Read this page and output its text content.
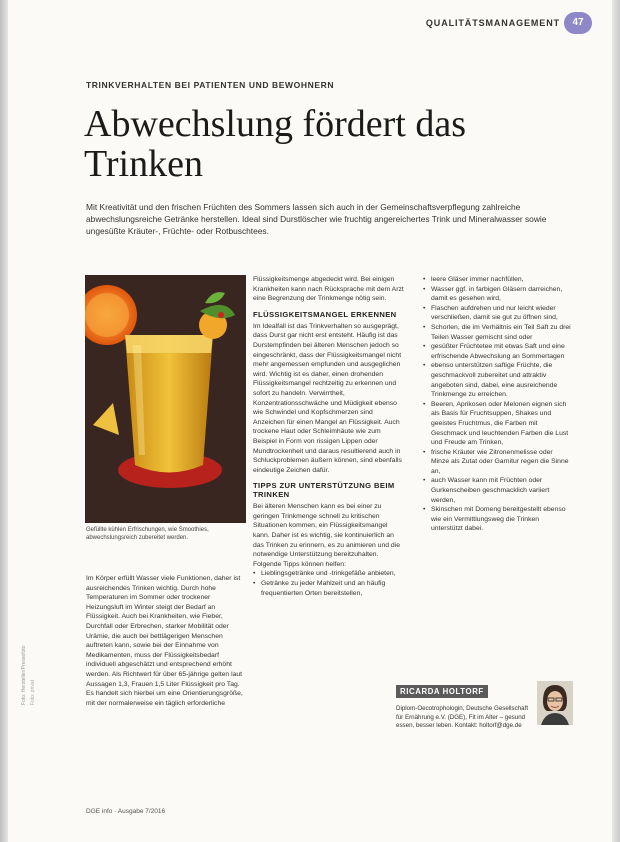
QUALITÄTSMANAGEMENT	47
TRINKVERHALTEN BEI PATIENTEN UND BEWOHNERN
Abwechslung fördert das Trinken
Mit Kreativität und den frischen Früchten des Sommers lassen sich auch in der Gemeinschaftsverpflegung zahlreiche abwechslungsreiche Getränke herstellen. Ideal sind Durstlöscher wie fruchtig angereichertes Trink und Mineralwasser sowie ungesüßte Kräuter-, Früchte- oder Rotbuschtees.
Gefüllte kühlen Erfrischungen, wie Smoothies, abwechslungsreich zubereitet werden.

Im Körper erfüllt Wasser viele Funktionen, daher ist ausreichendes Trinken wichtig. Durch hohe Temperaturen im Sommer oder trockener Heizungsluft im Winter steigt der Bedarf an Flüssigkeit. Auch bei Krankheiten, wie Fieber, Durchfall oder Erbrechen, starker Mobilität oder Urämie, die auch bei bettlägerigen Menschen auftreten kann, sowie bei der Einnahme von Medikamenten, muss der Flüssigkeitsbedarf individuell abgeschätzt und entsprechend erhöht werden. Als Richtwert für über 65-jährige gelten laut Aussagen 1,3, Frauen 1,5 Liter Flüssigkeit pro Tag. Es handelt sich hierbei um eine Orientierungsgröße, mit der normalerweise ein täglich erforderliche

Flüssigkeitsmenge abgedeckt wird. Bei einigen Krankheiten kann nach Rücksprache mit dem Arzt eine Begrenzung der Trinkmenge nötig sein.

FLÜSSIGKEITSMANGEL ERKENNEN

Im Idealfall ist das Trinkverhalten so ausgeprägt, dass Durst gar nicht erst entsteht. Häufig ist das Durstempfinden bei älteren Menschen jedoch so eingeschränkt, dass der Flüssigkeitsmangel nicht mehr angemessen empfunden und ausgeglichen wird. Wichtig ist es daher, einen drohenden Flüssigkeitsmangel rechtzeitig zu erkennen und sofort zu handeln. Verwirrtheit, Konzentrationsschwäche und Müdigkeit ebenso wie Schwindel und Kopfschmerzen sind Anzeichen für einen Mangel an Flüssigkeit. Auch trockene Haut oder Schleimhäute wie zum Beispiel in Form von rissigen Lippen oder Mundtrockenheit und daraus resultierend auch in Schluckproblemen äußern können, sind ebenfalls eindeutige Zeichen dafür.

TIPPS ZUR UNTERSTÜTZUNG BEIM TRINKEN

Bei älteren Menschen kann es bei einer zu geringen Trinkmenge schnell zu kritischen Situationen kommen, ein Flüssigkeitsmangel kann. Daher ist es wichtig, sie kontinuierlich an das Trinken zu erinnern, es zu animieren und die notwendige Unterstützung bereitzuhalten. Folgende Tipps können helfen:

• Lieblingsgetränke und -trinkgefäße anbieten,
• Getränke zu jeder Mahlzeit und an häufig frequentierten Orten bereitstellen,
• leere Gläser immer nachfüllen,
• Wasser ggf. in farbigen Gläsern darreichen, damit es gesehen wird,
• Flaschen aufdrehen und nur leicht wieder verschließen, damit sie gut zu öffnen sind,
• Schorlen, die im Verhältnis ein Teil Saft zu drei Teilen Wasser gemischt sind oder
• gesüßter Früchtetee mit etwas Saft und eine erfrischende Abwechslung an Sommertagen
• ebenso unterstützen saftige Früchte, die geschmackvoll zubereitet und attraktiv angeboten sind, dabei, eine ausreichende Trinkmenge zu erreichen.
• Beeren, Aprikosen oder Melonen eignen sich als Basis für Fruchtsuppen, Shakes und geeistes Fruchtmus, die Farben mit Geschmack und leuchtenden Farben die Lust und Freude am Trinken,
• frische Kräuter wie Zitronenmelisse oder Minze als Zutat oder Garnitur regen die Sinne an,
• auch Wasser kann mit Früchten oder Gurkenscheiben geschmacklich variiert werden,
• Skinschen mit Domeng bereitgestellt ebenso wie ein Vermittlungsweg die Trinken unterstützt dabei.
RICARDA HOLTORF
Diplom-Oecotrophologin, Deutsche Gesellschaft für Ernährung e.V. (DGE), Fit im Alter – gesund essen, besser leben. Kontakt: holtorf@dge.de
DGE info · Ausgabe 7/2016
Foto: Hersteller/Pressefoto Foto: privat
